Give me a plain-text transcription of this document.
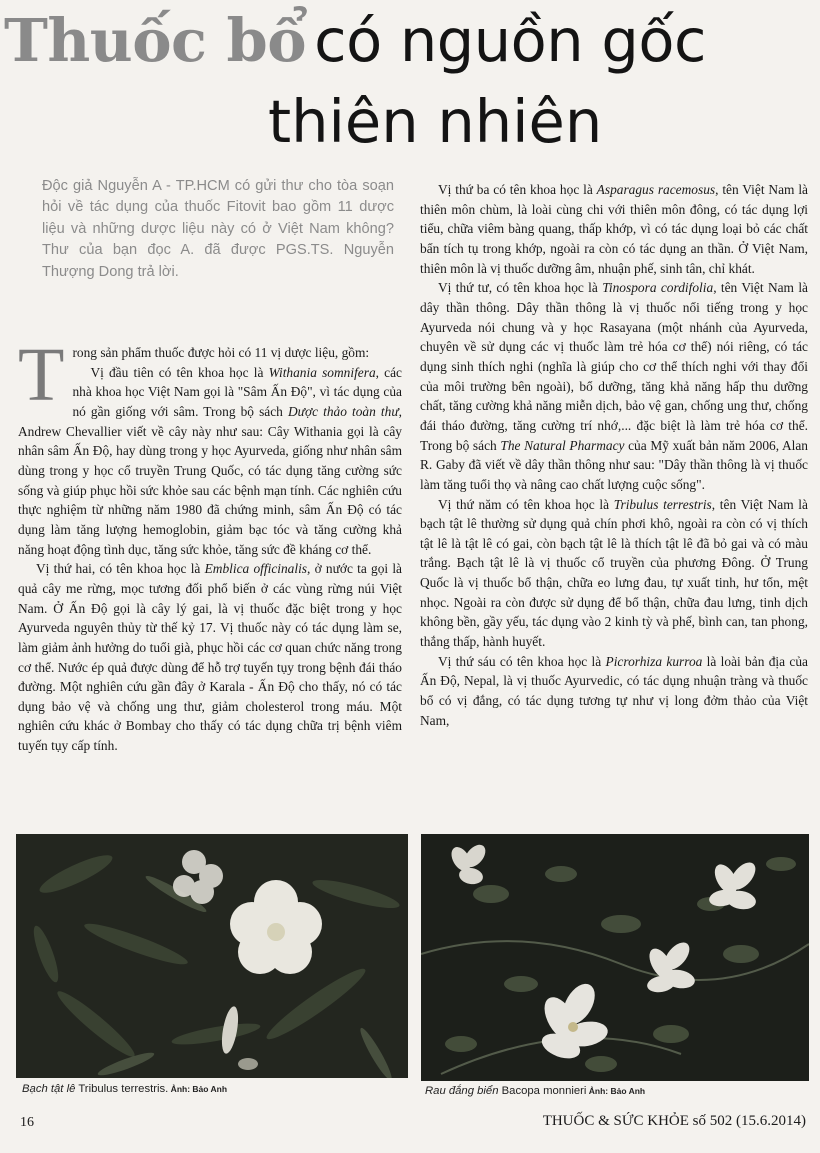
Thuốc bổ có nguồn gốc
thiên nhiên
Độc giả Nguyễn A - TP.HCM có gửi thư cho tòa soạn hỏi về tác dụng của thuốc Fitovit bao gồm 11 dược liệu và những dược liệu này có ở Việt Nam không? Thư của bạn đọc A. đã được PGS.TS. Nguyễn Thượng Dong trả lời.

Trong sản phẩm thuốc được hỏi có 11 vị dược liệu, gồm:

Vị đầu tiên có tên khoa học là Withania somnifera, các nhà khoa học Việt Nam gọi là "Sâm Ấn Độ", vì tác dụng của nó gần giống với sâm. Trong bộ sách Dược thảo toàn thư, Andrew Chevallier viết về cây này như sau: Cây Withania gọi là cây nhân sâm Ấn Độ, hay dùng trong y học Ayurveda, giống như nhân sâm dùng trong y học cổ truyền Trung Quốc, có tác dụng tăng cường sức sống và giúp phục hồi sức khỏe sau các bệnh mạn tính. Các nghiên cứu thực nghiệm từ những năm 1980 đã chứng minh, sâm Ấn Độ có tác dụng làm tăng lượng hemoglobin, giảm bạc tóc và tăng cường khả năng hoạt động tình dục, tăng sức khỏe, tăng sức đề kháng cơ thể.

Vị thứ hai, có tên khoa học là Emblica officinalis, ở nước ta gọi là quả cây me rừng, mọc tương đối phổ biến ở các vùng rừng núi Việt Nam. Ở Ấn Độ gọi là cây lý gai, là vị thuốc đặc biệt trong y học Ayurveda nguyên thủy từ thế kỷ 17. Vị thuốc này có tác dụng làm se, làm giảm ảnh hưởng do tuổi già, phục hồi các cơ quan chức năng trong cơ thể. Nước ép quả được dùng để hỗ trợ tuyến tụy trong bệnh đái tháo đường. Một nghiên cứu gần đây ở Karala - Ấn Độ cho thấy, nó có tác dụng bảo vệ và chống ung thư, giảm cholesterol trong máu. Một nghiên cứu khác ở Bombay cho thấy có tác dụng chữa trị bệnh viêm tuyến tụy cấp tính.

Vị thứ ba có tên khoa học là Asparagus racemosus, tên Việt Nam là thiên môn chùm, là loài cùng chi với thiên môn đông, có tác dụng lợi tiểu, chữa viêm bàng quang, thấp khớp, vì có tác dụng loại bỏ các chất bẩn tích tụ trong khớp, ngoài ra còn có tác dụng an thần. Ở Việt Nam, thiên môn là vị thuốc dưỡng âm, nhuận phế, sinh tân, chỉ khát.

Vị thứ tư, có tên khoa học là Tinospora cordifolia, tên Việt Nam là dây thần thông. Dây thần thông là vị thuốc nổi tiếng trong y học Ayurveda nói chung và y học Rasayana (một nhánh của Ayurveda, chuyên về sử dụng các vị thuốc làm trẻ hóa cơ thể) nói riêng, có tác dụng sinh thích nghi (nghĩa là giúp cho cơ thể thích nghi với thay đổi của môi trường bên ngoài), bổ dưỡng, tăng khả năng hấp thu dưỡng chất, tăng cường khả năng miễn dịch, bảo vệ gan, chống ung thư, chống đái tháo đường, tăng cường trí nhớ,... đặc biệt là làm trẻ hóa cơ thể. Trong bộ sách The Natural Pharmacy của Mỹ xuất bản năm 2006, Alan R. Gaby đã viết về dây thần thông như sau: "Dây thần thông là vị thuốc làm tăng tuổi thọ và nâng cao chất lượng cuộc sống".

Vị thứ năm có tên khoa học là Tribulus terrestris, tên Việt Nam là bạch tật lê thường sử dụng quả chín phơi khô, ngoài ra còn có vị thích tật lê là tật lê có gai, còn bạch tật lê là thích tật lê đã bỏ gai và có màu trắng. Bạch tật lê là vị thuốc cổ truyền của phương Đông. Ở Trung Quốc là vị thuốc bổ thận, chữa eo lưng đau, tự xuất tinh, hư tổn, mệt nhọc. Ngoài ra còn được sử dụng để bổ thận, chữa đau lưng, tinh dịch không bền, gầy yếu, tác dụng vào 2 kinh tỳ và phế, bình can, tan phong, thắng thấp, hành huyết.

Vị thứ sáu có tên khoa học là Picrorhiza kurroa là loài bản địa của Ấn Độ, Nepal, là vị thuốc Ayurvedic, có tác dụng nhuận tràng và thuốc bổ có vị đắng, có tác dụng tương tự như vị long đởm thảo của Việt Nam,

Bạch tật lê Tribulus terrestris. Ảnh: Bảo Anh	Rau đắng biển Bacopa monnieri Ảnh: Bảo Anh
16	THUỐC & SỨC KHỎE số 502 (15.6.2014)
